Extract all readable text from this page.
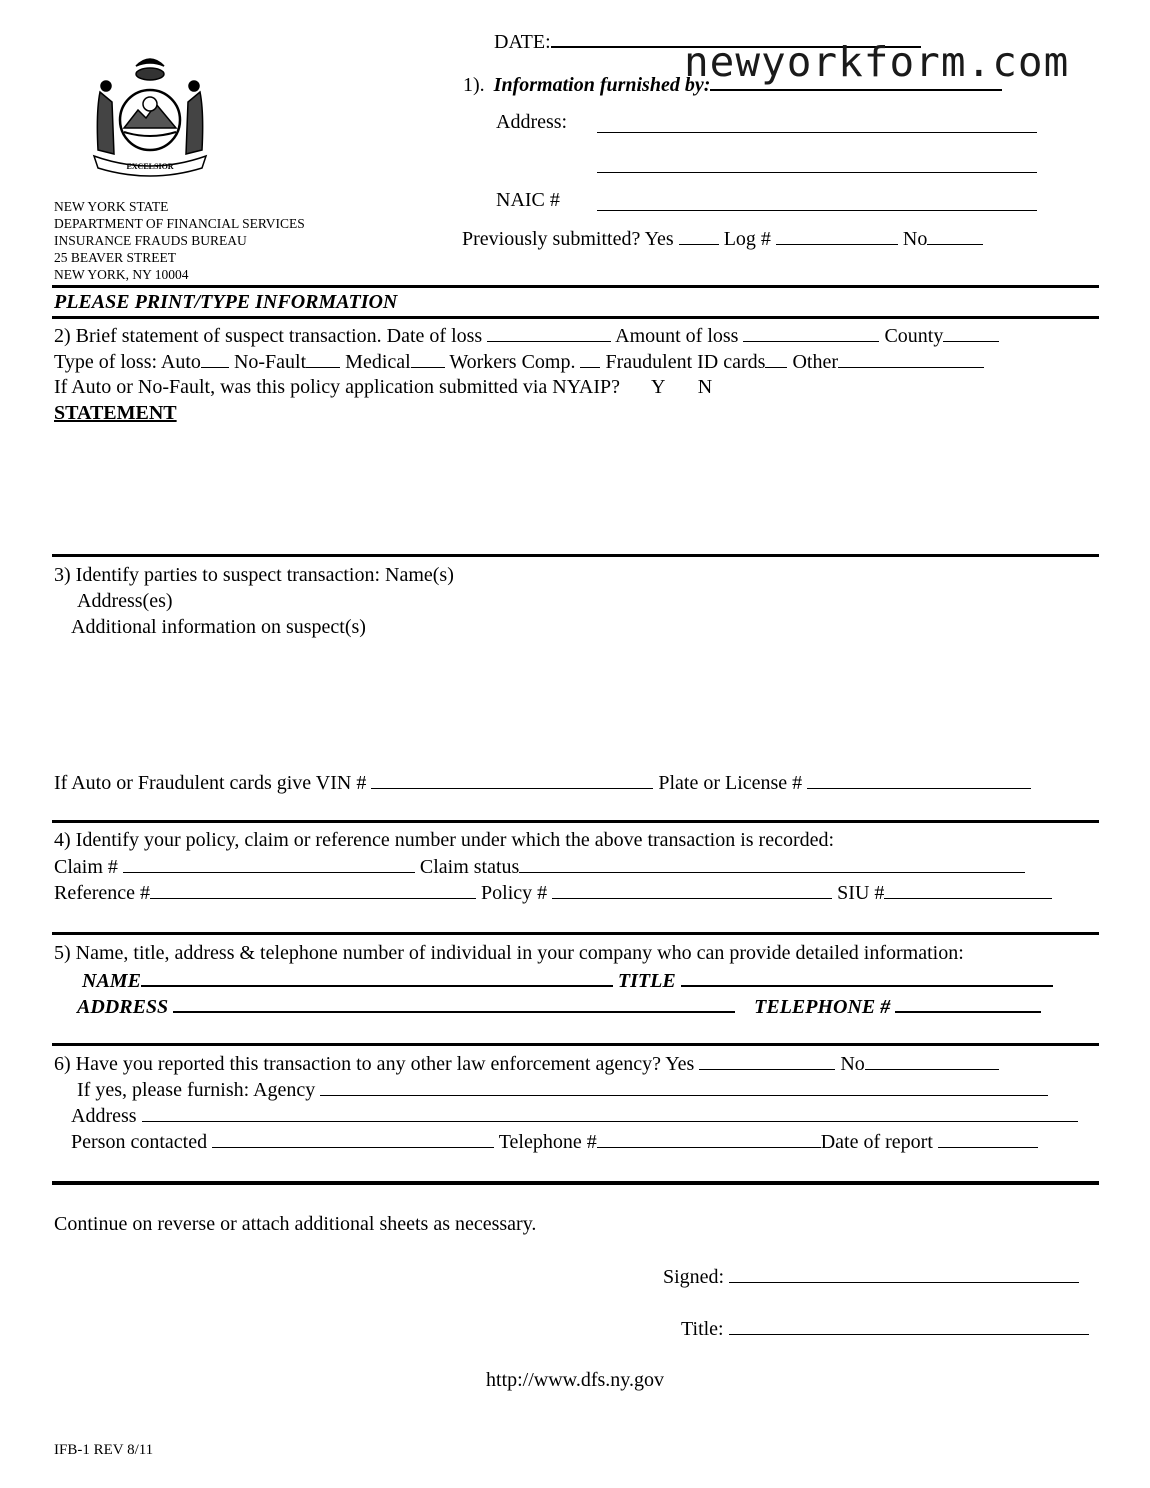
EXCELSIOR
NEW YORK STATE
DEPARTMENT OF FINANCIAL SERVICES
INSURANCE FRAUDS BUREAU
25 BEAVER STREET
NEW YORK, NY 10004
DATE:	newyorkform.com
1). Information furnished by:
Address:
NAIC #
Previously submitted? Yes	Log #	No
PLEASE PRINT/TYPE INFORMATION
2) Brief statement of suspect transaction. Date of loss	Amount of loss	County
Type of loss: Auto No-Fault Medical Workers Comp. Fraudulent ID cards Other
If Auto or No-Fault, was this policy application submitted via NYAIP? Y N
STATEMENT
3) Identify parties to suspect transaction: Name(s)
Address(es)
Additional information on suspect(s)
If Auto or Fraudulent cards give VIN #	Plate or License #
4) Identify your policy, claim or reference number under which the above transaction is recorded:
Claim #	Claim status
Reference #	Policy #	SIU #
5) Name, title, address & telephone number of individual in your company who can provide detailed information:
NAME	TITLE
ADDRESS	TELEPHONE #
6) Have you reported this transaction to any other law enforcement agency? Yes	No
If yes, please furnish: Agency
Address
Person contacted	Telephone #	Date of report
Continue on reverse or attach additional sheets as necessary.
Signed:
Title:
http://www.dfs.ny.gov
IFB-1 REV 8/11
